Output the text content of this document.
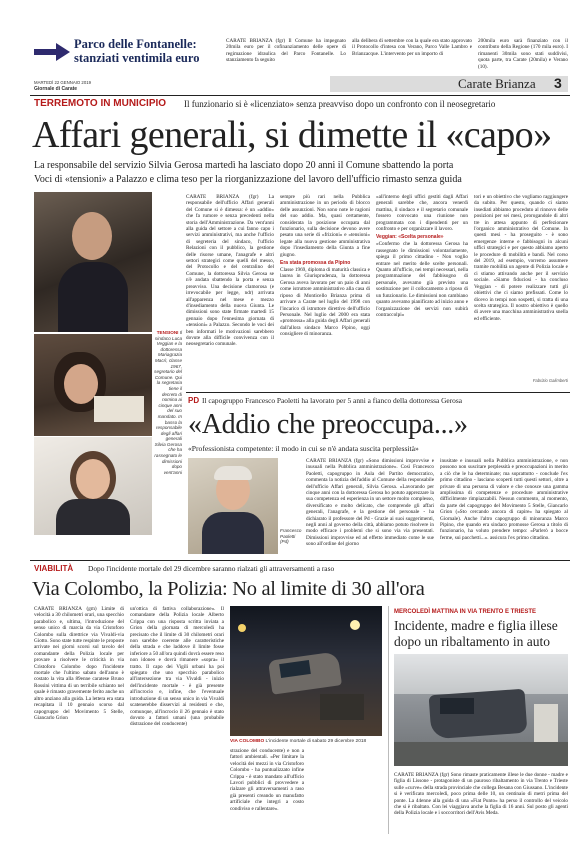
Parco delle Fontanelle:
stanziati ventimila euro
CARATE BRIANZA (fgr) Il Comune ha impegnato 20mila euro per il cofinanziamento delle opere di regimazione idraulica del Parco Fontanelle. Lo stanziamento fa seguito
alla delibera di settembre con la quale era stato approvato il Protocollo d'intesa con Verano, Parco Valle Lambro e Brianzacque. L'intervento per un importo di
200mila euro sarà finanziato con il contributo della Regione (170 mila euro). I rimanenti 30mila sono stati suddivisi, quota parte, tra Carate (20mila) e Verano (10).
MARTEDÌ 22 GENNAIO 2019
Giornale di Carate	Carate Brianza 3
TERREMOTO IN MUNICIPIO Il funzionario si è «licenziato» senza preavviso dopo un confronto con il neosegretario
Affari generali, si dimette il «capo»
La responsabile del servizio Silvia Gerosa martedì ha lasciato dopo 20 anni il Comune sbattendo la porta
Voci di «tensioni» a Palazzo e clima teso per la riorganizzazione del lavoro dell'ufficio rimasto senza guida
TENSIONI Il sindaco Luca Veggian e la dottoressa Mariagrazia Macrì, classe 1967, segretario del Comune. Qui la segretaria tiene il decreto di nomina ai cinque anni del suo mandato. In basso la responsabile degli affari generali Silvia Gerosa che ha rassegnato le dimissioni dopo vent'anni
CARATE BRIANZA (fgr) La responsabile dell'ufficio Affari generali del Comune si è dimessa: è un «addio» che fa rumore e senza precedenti nella storia dell'Amministrazione. Da vent'anni alla guida del settore a cui fanno capo i servizi amministrativi, ma anche l'ufficio di segreteria del sindaco, l'ufficio Relazioni con il pubblico, la gestione delle risorse umane, l'anagrafe e altri settori strategici come quelli del messo, del Protocollo e del centralino del Comune, la dottoressa Silvia Gerosa se n'è andata sbattendo la porta e senza preavviso. Una decisione clamorosa (e irrevocabile per legge, ndr) arrivata all'apparenza nel mese e mezzo d'insediamento della nuova Giunta. Le dimissioni sono state firmate martedì 15 gennaio dopo l'ennesima giornata di «tensioni» a Palazzo. Secondo le voci dei ben informati le motivazioni sarebbero dovute alla difficile convivenza con il neosegretario comunale.
sempre più rari nella Pubblica amministrazione in un periodo di blocco delle assunzioni. Non sono note le ragioni del suo addio. Ma, quasi certamente, considerata la posizione occupata dal funzionario, sulla decisione devono avere pesato una serie di «frizioni» e «tensioni» legate alla nuova gestione amministrativa dopo l'insediamento della Giunta a fine giugno.
Era stata promossa da Pipino
Classe 1969, diploma di maturità classica e laurea in Giurisprudenza, la dottoressa Gerosa aveva lavorato per un paio di anni come istruttore amministrativo alla casa di riposo di Monticello Brianza prima di arrivare a Carate nel luglio del 1998 con l'incarico di istruttore direttivo dell'ufficio Personale. Nel luglio del 2000 era stata «promossa» alla guida degli Affari generali dall'allora sindaco Marco Pipino, oggi consigliere di minoranza.
«all'interno degli uffici gestiti dagli Affari generali sarebbe che, ancora venerdì mattina, il sindaco e il segretario comunale fossero convocato una riunione non programmata con i dipendenti per un confronto e per organizzare il lavoro.
Veggian: «Scelta personale»
«Confermo che la dottoressa Gerosa ha rassegnato le dimissioni volontariamente, spiega il primo cittadino - Non voglio entrare nel merito delle scelte personali. Quanto all'ufficio, nei tempi necessari, nella programmazione del fabbisogno di personale, avevamo già previsto una sostituzione per il collocamento a riposo di un funzionario. Le dimissioni non cambiano quanto avevamo pianificato ad inizio anno e l'organizzazione dei servizi non subirà contraccolpi»
tori e un obiettivo che vogliamo raggiungere da subito. Per questo, quando ci siamo insediati abbiamo proceduto al rinnovo delle posizioni per sei mesi, prorogandole di altri tre in attesa appunto di perfezionare l'organico amministrativo del Comune. In questi mesi - ha proseguito - è sono emergenze interne e fabbisogni in alcuni uffici strategici e per questo abbiamo aperto le procedure di mobilità e bandi. Nel corso del 2019, ad esempio, vorremo assumere tramite mobilità un agente di Polizia locale e ci stiamo attivando anche per il servizio sociale. «Siamo fiduciosi - ha concluso Veggian - di potere realizzare tutti gli obiettivi che ci siamo prefissati. Come lo dicevo in tempi non sospetti, si tratta di una scelta strategica. Il nostro obiettivo è quello di avere una macchina amministrativa snella ed efficiente.
Fabrizio Galimberti
PD Il capogruppo Francesco Paoletti ha lavorato per 5 anni a fianco della dottoressa Gerosa
«Addio che preoccupa...»
«Professionista competente: il modo in cui se n'è andata suscita perplessità»
Francesco Paoletti (Pd)
CARATE BRIANZA (fgr) «Sono dimissioni improvvise e inusuali nella Pubblica amministrazione». Così Francesco Paoletti, capogruppo in Aula del Partito democratico, commenta la notizia dell'addio al Comune della responsabile dell'ufficio Affari generali, Silvia Gerosa. «Lavorando per cinque anni con la dottoressa Gerosa ho potuto apprezzare la sua competenza ed esperienza in un settore molto complesso, diversificato e molto delicato, che comprende gli affari generali, l'anagrafe, e la gestione del personale - ha dichiarato il professore del Pd - Grazie ai suoi suggerimenti, negli anni al governo della città, abbiamo potuto risolvere in modo efficace i problemi che si sono via via presentati. Dimissioni improvvise ed ad effetto immediato come le sue sono all'ordine del giorno
inusitate e inusuali nella Pubblica amministrazione, e non possono non suscitare perplessità e preoccupazioni in merito a ciò che le ha determinate; ma soprattutto - conclude l'ex primo cittadino - lasciano scoperti tutti questi settori, oltre a privare di una persona di valore e che conosce una gamma amplissima di competenze e procedure amministrative difficilmente rimpiazzabili. Nessun commento, al momento, da parte del capogruppo del Movimento 5 Stelle, Giancarlo Grion («Sto cercando ancora di capire» ha spiegato al Giornale). Anche l'altro capogruppo di minoranza Marco Pipino, che quando era sindaco promosse Gerosa a titolo di funzionario, ha voluto prendere tempo: «Parlerò a bocce ferme, sui pacchetti...». assicura l'ex primo cittadino.
VIABILITÀ Dopo l'incidente mortale del 29 dicembre saranno rialzati gli attraversamenti a raso
Via Colombo, la Polizia: No al limite di 30 all'ora
CARATE BRIANZA (gm) Limite di velocità a 30 chilometri orari, una specchio parabolico e, ultima, l'introduzione del senso unico di marcia da via Cristoforo Colombo sulla direttrice via Vivaldi-via Giotto. Sono state tutte respinte le proposte arrivate nei giorni scorsi sul tavolo del comandante della Polizia locale per provare a risolvere le criticità in via Cristoforo Colombo dopo l'incidente mortale che l'ultimo sabato dell'anno è costato la vita alla 89enne caratese Bruno Rossini vittima di un terribile schianto nel quale è rimasto gravemente ferito anche un altro anziano alla guida. La lettera era stata recapitata il 10 gennaio scorso dal capogruppo del Movimento 5 Stelle, Giancarlo Grion
un'ottica di fattiva collaborazione». Il comandante della Polizia locale Alberto Crippa con una risposta scritta inviata a Grion della giornata di mercoledì ha precisato che il limite di 30 chilometri orari non sarebbe coerente alle caratteristiche della strada e che laddove il limite fosse inferiore a 50 all'ora quindi dovrà essere reso non idoneo e dovrà rimanere «sopra» il tratto. Il capo dei Vigili urbani ha poi spiegato che uno specchio parabolico all'intersezione tra via Vivaldi - inizio dell'incidente mortale - è già presente all'incrocio e, infine, che l'eventuale introduzione di un senso unico in via Vivaldi scatenerebbe disservizi ai residenti e che, comunque, all'incrocio il 26 gennaio è stato dovuto a fattori umani (una probabile distrazione del conducente)
VIA COLOMBO L'incidente mortale di sabato 29 dicembre 2018
strazione del conducente) e non a fattori ambientali. «Per limitare la velocità dei mezzi in via Cristoforo Colombo - ha puntualizzato infine Crippa - è stato mandato all'ufficio Lavori pubblici di provvedere a rialzare gli attraversamenti a raso già presenti creando un manufatto artificiale che integri a costo condiviso e rallentare».
MERCOLEDÌ MATTINA IN VIA TRENTO E TRIESTE
Incidente, madre e figlia illese dopo un ribaltamento in auto
CARATE BRIANZA (fgr) Sono rimaste praticamente illese le due donne - madre e figlia di Lissone - protagoniste di un pauroso ribaltamento in via Trento e Trieste sulle «curve» della strada provinciale che collega Besana con Giussano. L'incidente si è verificato mercoledì, poco prima delle 10, un centinaio di metri prima del ponte. La 44enne alla guida di una «Fiat Punto» ha perso il controllo del veicolo che si è ribaltato. Con lei viaggiava anche la figlia di 16 anni. Sul posto gli agenti della Polizia locale e i soccorritori dell'Avis Meda.
